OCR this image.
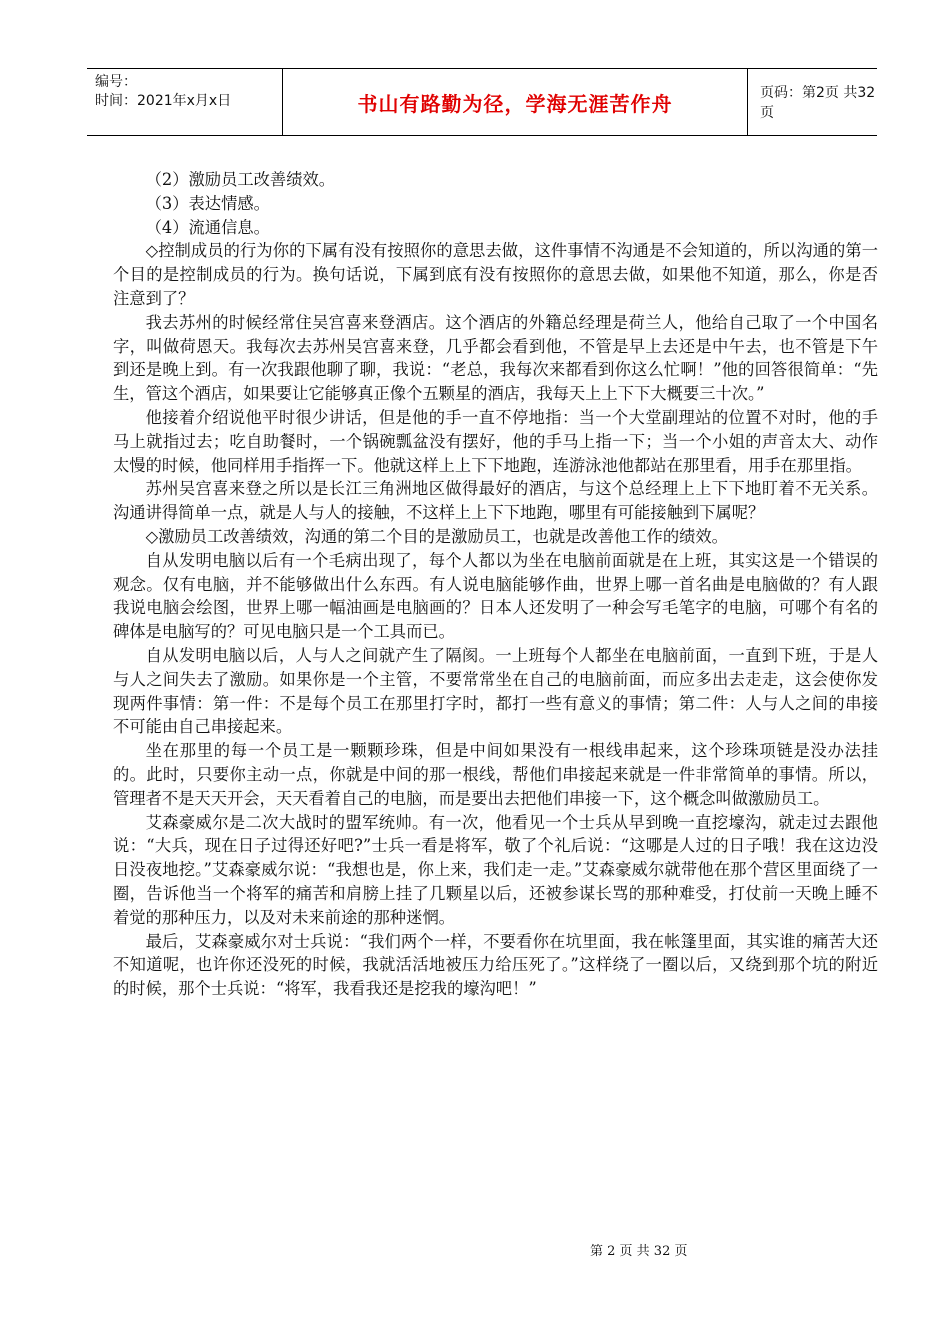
编号：
时间：2021年x月x日	书山有路勤为径，学海无涯苦作舟	页码：第2页 共32页

（2）激励员工改善绩效。

（3）表达情感。

（4）流通信息。

◇控制成员的行为你的下属有没有按照你的意思去做，这件事情不沟通是不会知道的，所以沟通的第一个目的是控制成员的行为。换句话说，下属到底有没有按照你的意思去做，如果他不知道，那么，你是否注意到了？

我去苏州的时候经常住吴宫喜来登酒店。这个酒店的外籍总经理是荷兰人，他给自己取了一个中国名字，叫做荷恩天。我每次去苏州吴宫喜来登，几乎都会看到他，不管是早上去还是中午去，也不管是下午到还是晚上到。有一次我跟他聊了聊，我说：“老总，我每次来都看到你这么忙啊！”他的回答很简单：“先生，管这个酒店，如果要让它能够真正像个五颗星的酒店，我每天上上下下大概要三十次。”

他接着介绍说他平时很少讲话，但是他的手一直不停地指：当一个大堂副理站的位置不对时，他的手马上就指过去；吃自助餐时，一个锅碗瓢盆没有摆好，他的手马上指一下；当一个小姐的声音太大、动作太慢的时候，他同样用手指挥一下。他就这样上上下下地跑，连游泳池他都站在那里看，用手在那里指。

苏州吴宫喜来登之所以是长江三角洲地区做得最好的酒店，与这个总经理上上下下地盯着不无关系。沟通讲得简单一点，就是人与人的接触，不这样上上下下地跑，哪里有可能接触到下属呢？

◇激励员工改善绩效，沟通的第二个目的是激励员工，也就是改善他工作的绩效。

自从发明电脑以后有一个毛病出现了，每个人都以为坐在电脑前面就是在上班，其实这是一个错误的观念。仅有电脑，并不能够做出什么东西。有人说电脑能够作曲，世界上哪一首名曲是电脑做的？有人跟我说电脑会绘图，世界上哪一幅油画是电脑画的？日本人还发明了一种会写毛笔字的电脑，可哪个有名的碑体是电脑写的？可见电脑只是一个工具而已。

自从发明电脑以后，人与人之间就产生了隔阂。一上班每个人都坐在电脑前面，一直到下班，于是人与人之间失去了激励。如果你是一个主管，不要常常坐在自己的电脑前面，而应多出去走走，这会使你发现两件事情：第一件：不是每个员工在那里打字时，都打一些有意义的事情；第二件：人与人之间的串接不可能由自己串接起来。

坐在那里的每一个员工是一颗颗珍珠，但是中间如果没有一根线串起来，这个珍珠项链是没办法挂的。此时，只要你主动一点，你就是中间的那一根线，帮他们串接起来就是一件非常简单的事情。所以，管理者不是天天开会，天天看着自己的电脑，而是要出去把他们串接一下，这个概念叫做激励员工。

艾森豪威尔是二次大战时的盟军统帅。有一次，他看见一个士兵从早到晚一直挖壕沟，就走过去跟他说：“大兵，现在日子过得还好吧?”士兵一看是将军，敬了个礼后说：“这哪是人过的日子哦！我在这边没日没夜地挖。”艾森豪威尔说：“我想也是，你上来，我们走一走。”艾森豪威尔就带他在那个营区里面绕了一圈，告诉他当一个将军的痛苦和肩膀上挂了几颗星以后，还被参谋长骂的那种难受，打仗前一天晚上睡不着觉的那种压力，以及对未来前途的那种迷惘。

最后，艾森豪威尔对士兵说：“我们两个一样，不要看你在坑里面，我在帐篷里面，其实谁的痛苦大还不知道呢，也许你还没死的时候，我就活活地被压力给压死了。”这样绕了一圈以后，又绕到那个坑的附近的时候，那个士兵说：“将军，我看我还是挖我的壕沟吧！”

第 2 页 共 32 页
